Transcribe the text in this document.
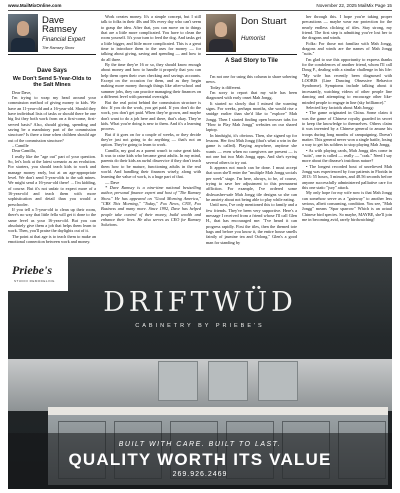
www.MailMixOnline.com	November 22, 2025 MailMix Page 15
Dave Ramsey
Financial Expert
The Ramsey Show
Dave Says
We Don't Send 5-Year-Olds to the Salt Mines

Dear Dave,

I'm trying to wrap my head around your commission method of giving money to kids. We have an 11-year-old and a 16-year-old. Should they have individual lists of tasks or should there be one big list they both work from on a first-come, first-served basis? Also, should giving, spending and saving be a mandatory part of the commission structure? Is there a time when children should age out of the commission structure?

– Camille

Dear Camilla,

I really like the "age out" part of your question. So, let's look at the latest scenario as an evolution. For starters, you should teach kids to work and manage money early, but at an age-appropriate level. We don't send 5-year-olds to the salt mines. We might send a 16-year-old there! ... I'm kidding, of course. But it's not unfair to expect more of a 16-year-old and teach them with more sophistication and detail than you would a preschooler.

If you tell a 5-year-old to clean up their room, there's no way that little fella will get it done to the same level as your 16-year-old. But you can absolutely give them a job that helps them learn to work. Then, you'll praise the daylights out of it.

The point at that age is to teach them to make an emotional connection between work and money.

Work creates money. It's a simple concept, but I still talk to folks in their 40s and 50s every day who can't seem to grasp the idea. After that, you can move on to things that are a little more complicated. You have to clean the room yourself. It's your turn to feed the dog. And tasks get a little bigger, and little more complicated. This is a great time to introduce them to the uses for money — for talking about giving, saving and spending — and how to do all three.

By the time they're 16 or so, they should know enough about money and how to handle it properly that you can help them open their own checking and savings accounts. Except on the occasion for them, and as they begin making more money through things like after-school and summer jobs, they can practice managing their finances on a different level with parental oversight.

But the real point behind the commission structure is this: If you do the work, you get paid. If you don't do the work, you don't get paid. When they're grown, and maybe don't want to do a job here and there, that's okay. They're kids. What you're doing is new to them. And it's a learning process.

But if it goes on for a couple of weeks, or they decide they're just not going to do anything — that's not an option. They're going to learn to work.

Camilla, my goal as a parent wasn't to raise great kids. It was to raise kids who became great adults. In my mind, parents do their kids an awful disservice if they don't teach them how to be mature, functioning adults in the real world. And handling their finances wisely, along with learning the value of work, is a huge part of that.

— Dave

* Dave Ramsey is a nine-time national bestselling author, personal finance expert and host of "The Ramsey Show." He has appeared on "Good Morning America," "CBS This Morning," "Today," Fox News, CNN, Fox Business and many more. Since 1992, Dave has helped people take control of their money, build wealth and enhance their lives. He also serves as CEO for Ramsey Solutions.

Don Stuart
Humorist
A Sad Story to Tile

I'm not one for using this column to share sobering news.

Today is different.

I'm sorry to report that my wife has been diagnosed with early onset Mah Jongg.

It started so slowly that I missed the warning signs. For weeks, perhaps months, she would rise a smidge earlier than she'd like to "explore" Mah Jongg. Then I started finding open browser tabs for "How to Play Mah Jongg" websites on our shared laptop.

In hindsight, it's obvious. Then, she signed up for lessons. Her first Mah Jongg (that's what a win in the game is called). Playing anywhere, anytime she wants — even when no caregivers are present — is not one but two Mah Jongg apps. And she's eyeing several others to try out.

It appears not much can be done. I must accept that soon she'll enter the "multiple Mah Jongg socials per week" stage. I'm here, always, to be, of course, trying to save her adjustment to this permanent affliction. For example, I've ordered some dishwasher-safe Mah Jongg tile designs so she can be anxiety about not being able to play while eating.

Until now, I've only mentioned this to family and a few friends. They've been very supportive. Here's a message I received from a friend whose I'll call Glen H., that has encouraged me: "I've heard it can progress rapidly. First the tiles, then the themed tote bags and before you know it, the entire house smells faintly of jasmine tea and Oolong." Glen's a good man for standing by

her through this. I hope you're taking proper precautions — maybe wear ear protection for the nearly endless clicking of tiles. Stay strong, my friend. The first step is admitting you've lost her to the dragons and winds.

Folks: For those not familiar with Mah Jongg, dragons and winds are the names of Mah Jongg "suits."

I'm glad to use this opportunity to express thanks for the condolences of another friend, whom I'll call Doug F., dealing with a similar challenge in his life: "My wife has recently been diagnosed with LOOBIS (Line Dancing Obsessive Behavior Syndrome). Symptoms include talking about it incessantly, watching videos of other people line dancing and attempting to encourage other like-minded people to engage in line (sky brilliance)."

Selected key factoids about Mah Jongg:

• The game originated in China. Some claim it was the game of Chinese royalty guarded in secret to keep the knowledge to themselves. Others claim it was invented by a Chinese general to amuse his troops during long months of campaigning. Doesn't matter. This general never won a single battle, losing a way to get his soldiers to stop playing Mah Jongg.

• As with playing cards, Mah Jongg tiles come in "suits", one is called — really — "crak." Need I say more about the disease's insidious nature?

• The longest recorded bout of unrelieved Mah Jongg was experienced by four patients in Florida in 2013: 55 hours, 3 minutes, and 48.56 seconds before anyone successfully administered palliative care for this one static "jury" attack.

My only hope for my wife now is that Mah Jongg can somehow serve as a "gateway" to another less serious, albeit consuming, condition. You see, "Mah Jongg" means "Spar sparrow" Which is an actual Chinese bird species. So maybe, MAYBE, she'll join me in becoming avid, rarely birdwatching!

Priebe's
STUDIO REMODELING
DRIFTWÜD
CABINETRY BY PRIEBE'S
BUILT WITH CARE. BUILT TO LAST.
QUALITY WORTH ITS VALUE
269.926.2469
